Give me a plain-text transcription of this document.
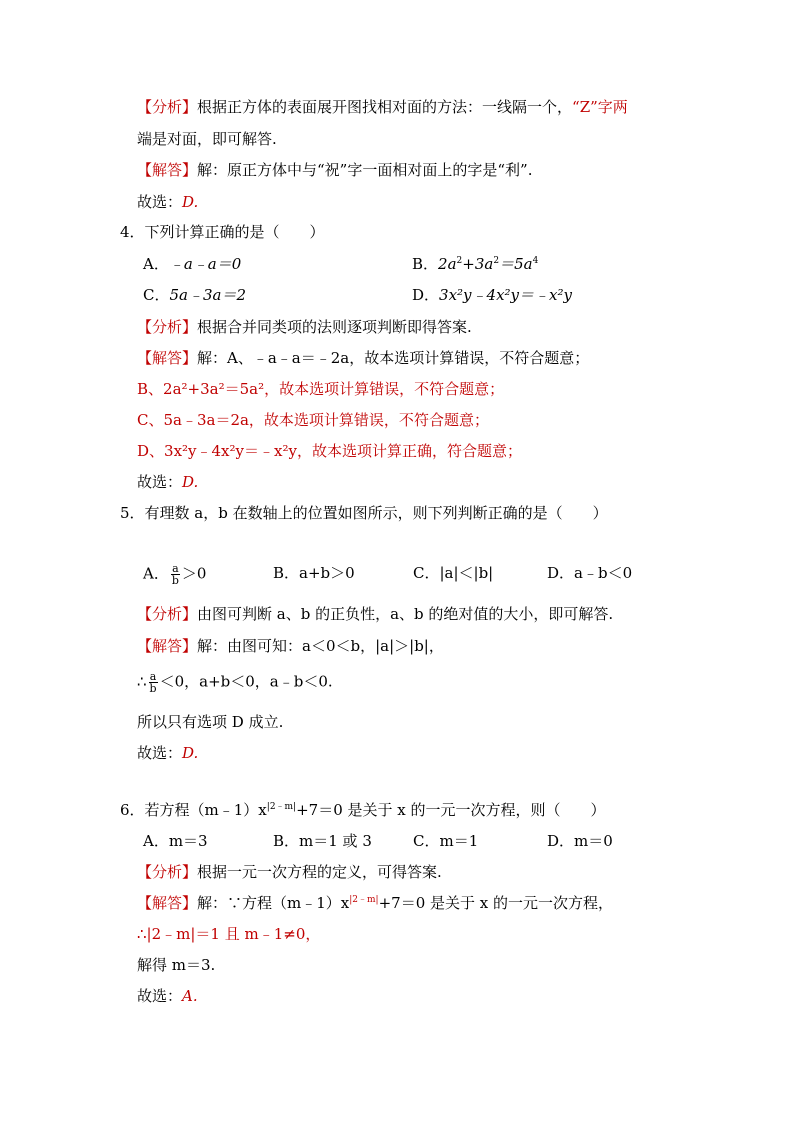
【分析】根据正方体的表面展开图找相对面的方法：一线隔一个，“Z”字两
端是对面，即可解答.
【解答】解：原正方体中与“祝”字一面相对面上的字是“利”.
故选：D.
4．下列计算正确的是（　　）
A．﹣a﹣a＝0	B．$2a^2+3a^2=5a^4$
C．5a﹣3a＝2	D．3x²y﹣4x²y＝﹣x²y
【分析】根据合并同类项的法则逐项判断即得答案.
【解答】解：A、﹣a﹣a＝﹣2a，故本选项计算错误，不符合题意；
B、2a²+3a²＝5a²，故本选项计算错误，不符合题意；
C、5a﹣3a＝2a，故本选项计算错误，不符合题意；
D、3x²y﹣4x²y＝﹣x²y，故本选项计算正确，符合题意；
故选：D.
5．有理数 a，b 在数轴上的位置如图所示，则下列判断正确的是（　　）
A． $\frac{a}{b} >0$	B．a+b＞0	C．|a|＜|b|	D．a﹣b＜0
【分析】由图可判断 a、b 的正负性，a、b 的绝对值的大小，即可解答.
【解答】解：由图可知：a＜0＜b，|a|＞|b|，
∴ $\frac{a}{b} <0$，a+b＜0，a﹣b＜0.
所以只有选项 D 成立.
故选：D.
6．若方程$(m﹣1)x^{|2﹣m|}+7=0$ 是关于 x 的一元一次方程，则（　　）
A．m＝3	B．m＝1 或 3	C．m＝1	D．m＝0
【分析】根据一元一次方程的定义，可得答案.
【解答】解：∵方程$(m﹣1)x^{|2﹣m|}+7=0$ 是关于 x 的一元一次方程，
∴|2﹣m|＝1 且 m﹣1≠0，
解得 m＝3.
故选：A.
